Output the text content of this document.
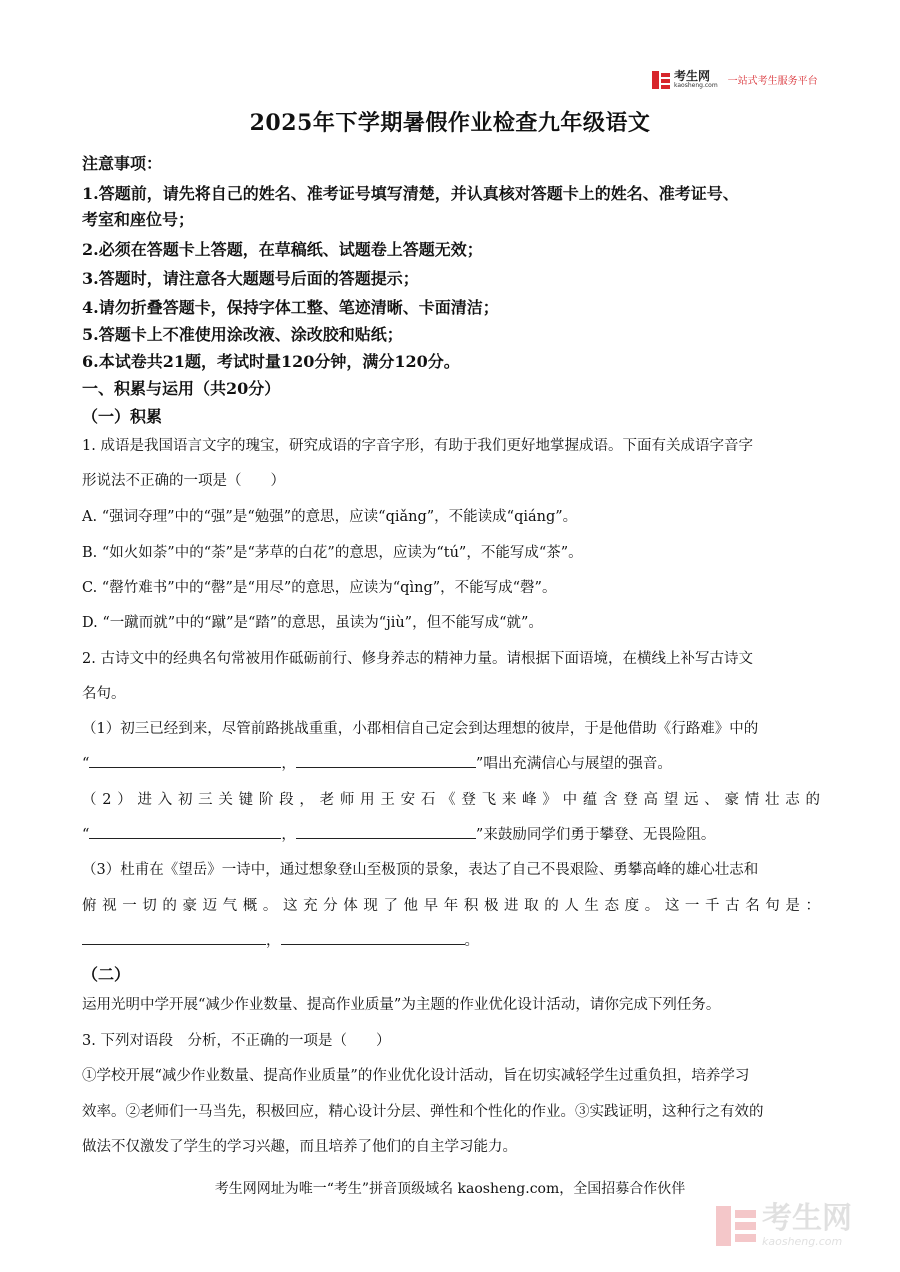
考生网
kaosheng.com 一站式考生服务平台
2025年下学期暑假作业检查九年级语文
注意事项：
1.答题前，请先将自己的姓名、准考证号填写清楚，并认真核对答题卡上的姓名、准考证号、
考室和座位号；
2.必须在答题卡上答题，在草稿纸、试题卷上答题无效；
3.答题时，请注意各大题题号后面的答题提示；
4.请勿折叠答题卡，保持字体工整、笔迹清晰、卡面清洁；
5.答题卡上不准使用涂改液、涂改胶和贴纸；
6.本试卷共21题，考试时量120分钟，满分120分。
一、积累与运用（共20分）
（一）积累
1. 成语是我国语言文字的瑰宝，研究成语的字音字形，有助于我们更好地掌握成语。下面有关成语字音字
形说法不正确的一项是（　　）
A. “强词夺理”中的“强”是“勉强”的意思，应读“qiǎng”，不能读成“qiáng”。
B. “如火如荼”中的“荼”是“茅草的白花”的意思，应读为“tú”，不能写成“茶”。
C. “罄竹难书”中的“罄”是“用尽”的意思，应读为“qìng”，不能写成“磬”。
D. “一蹴而就”中的“蹴”是“踏”的意思，虽读为“jiù”，但不能写成“就”。
2. 古诗文中的经典名句常被用作砥砺前行、修身养志的精神力量。请根据下面语境，在横线上补写古诗文
名句。
（1）初三已经到来，尽管前路挑战重重，小郡相信自己定会到达理想的彼岸，于是他借助《行路难》中的
“	，	”唱出充满信心与展望的强音。
（2）进入初三关键阶段，老师用王安石《登飞来峰》中蕴含登高望远、豪情壮志的
“	，	”来鼓励同学们勇于攀登、无畏险阻。
（3）杜甫在《望岳》一诗中，通过想象登山至极顶的景象，表达了自己不畏艰险、勇攀高峰的雄心壮志和
俯视一切的豪迈气概。这充分体现了他早年积极进取的人生态度。这一千古名句是：
，	。
（二）
运用光明中学开展“减少作业数量、提高作业质量”为主题的作业优化设计活动，请你完成下列任务。
3. 下列对语段　分析，不正确的一项是（　　）
①学校开展“减少作业数量、提高作业质量”的作业优化设计活动，旨在切实减轻学生过重负担，培养学习
效率。②老师们一马当先，积极回应，精心设计分层、弹性和个性化的作业。③实践证明，这种行之有效的
做法不仅激发了学生的学习兴趣，而且培养了他们的自主学习能力。
考生网网址为唯一“考生”拼音顶级域名 kaosheng.com，全国招募合作伙伴
考生网
kaosheng.com
